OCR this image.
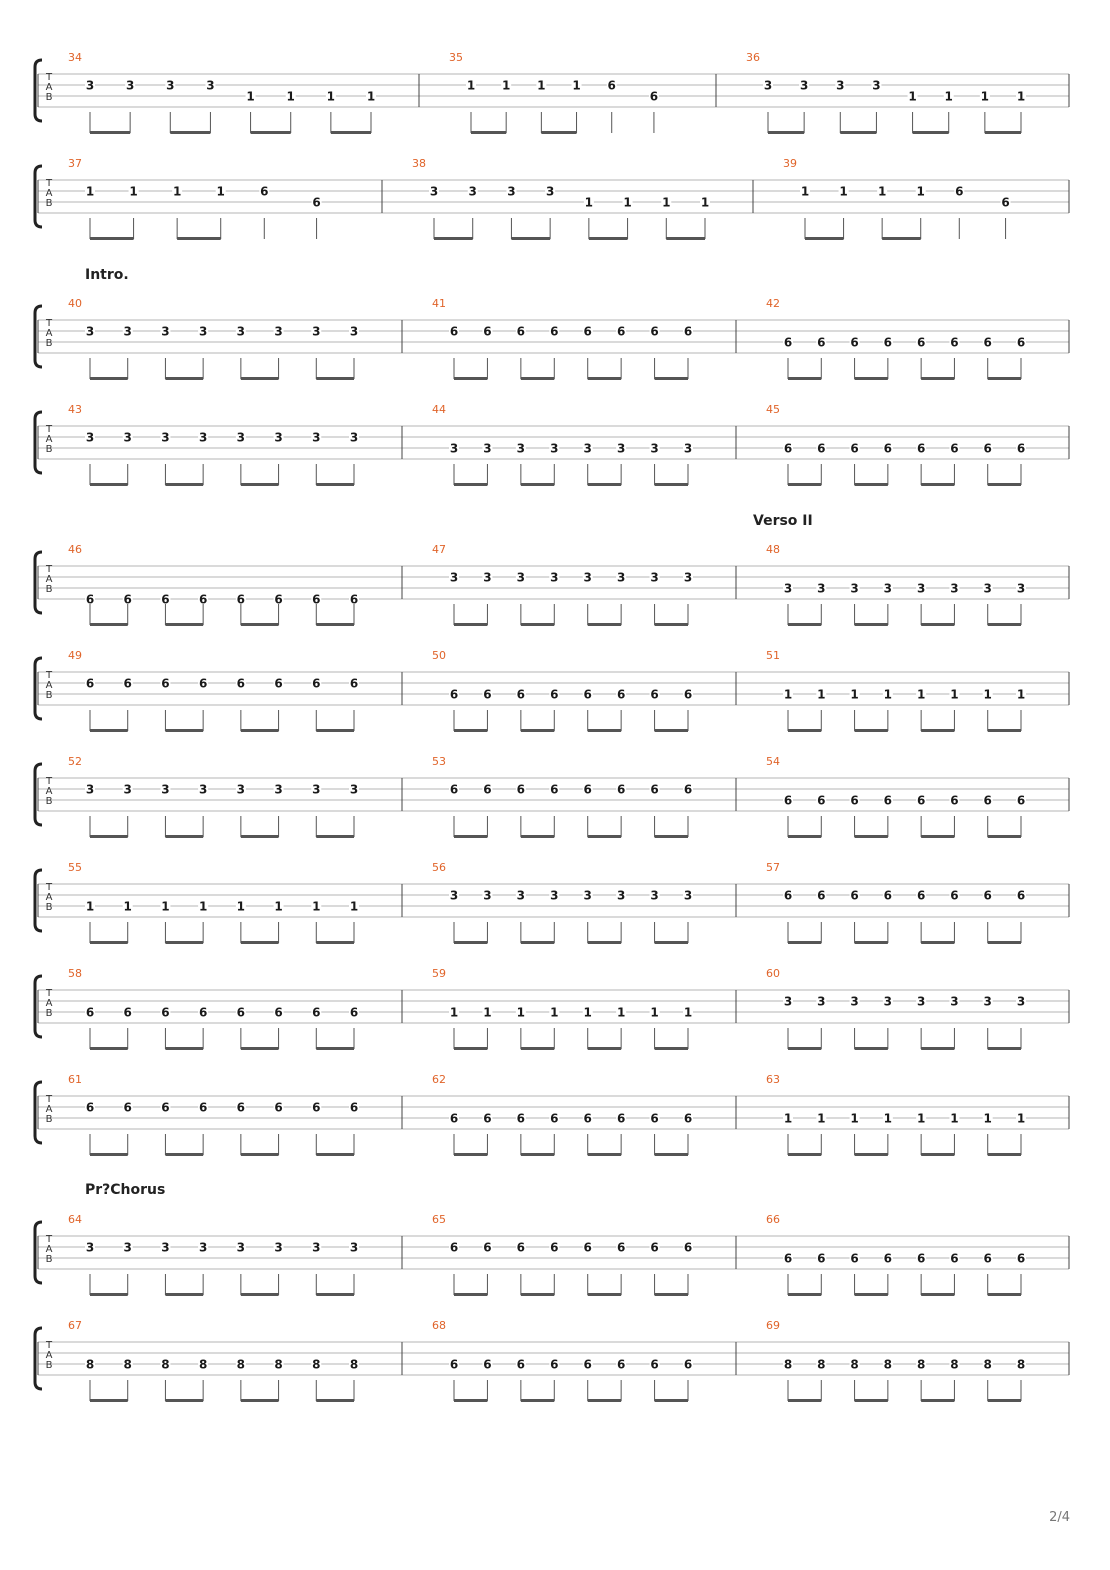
Intro.
Verso II
Pr?Chorus
T
A
B
34
3	3	3	3
1	1	1	1
35
1 1 1 1 6
6
36
3 3 3 3
1 1 1 1
T
A
B
37
1	1	1	1	6
6
38
3	3	3	3
1	1	1	1
39
1	1	1	1	6
6
T
A
B
40
3 3 3 3 3 3 3 3
41
6 6 6 6 6 6 6 6
42
6 6 6 6 6 6 6 6
T
A
B
43
3 3 3 3 3 3 3 3
44
3 3 3 3 3 3 3 3
45
6 6 6 6 6 6 6 6
T
A
B
46
6 6 6 6 6 6 6 6
47
3 3 3 3 3 3 3 3
48
3 3 3 3 3 3 3 3
T
A
B
49
6 6 6 6 6 6 6 6
50
6 6 6 6 6 6 6 6
51
1 1 1 1 1 1 1 1
T
A
B
52
3 3 3 3 3 3 3 3
53
6 6 6 6 6 6 6 6
54
6 6 6 6 6 6 6 6
T
A
B
55
1 1 1 1 1 1 1 1
56
3 3 3 3 3 3 3 3
57
6 6 6 6 6 6 6 6
T
A
B
58
6 6 6 6 6 6 6 6
59
1 1 1 1 1 1 1 1
60
3 3 3 3 3 3 3 3
T
A
B
61
6 6 6 6 6 6 6 6
62
6 6 6 6 6 6 6 6
63
1 1 1 1 1 1 1 1
T
A
B
64
3 3 3 3 3 3 3 3
65
6 6 6 6 6 6 6 6
66
6 6 6 6 6 6 6 6
T
A
B
67
8 8 8 8 8 8 8 8
68
6 6 6 6 6 6 6 6
69
8 8 8 8 8 8 8 8
2/4
